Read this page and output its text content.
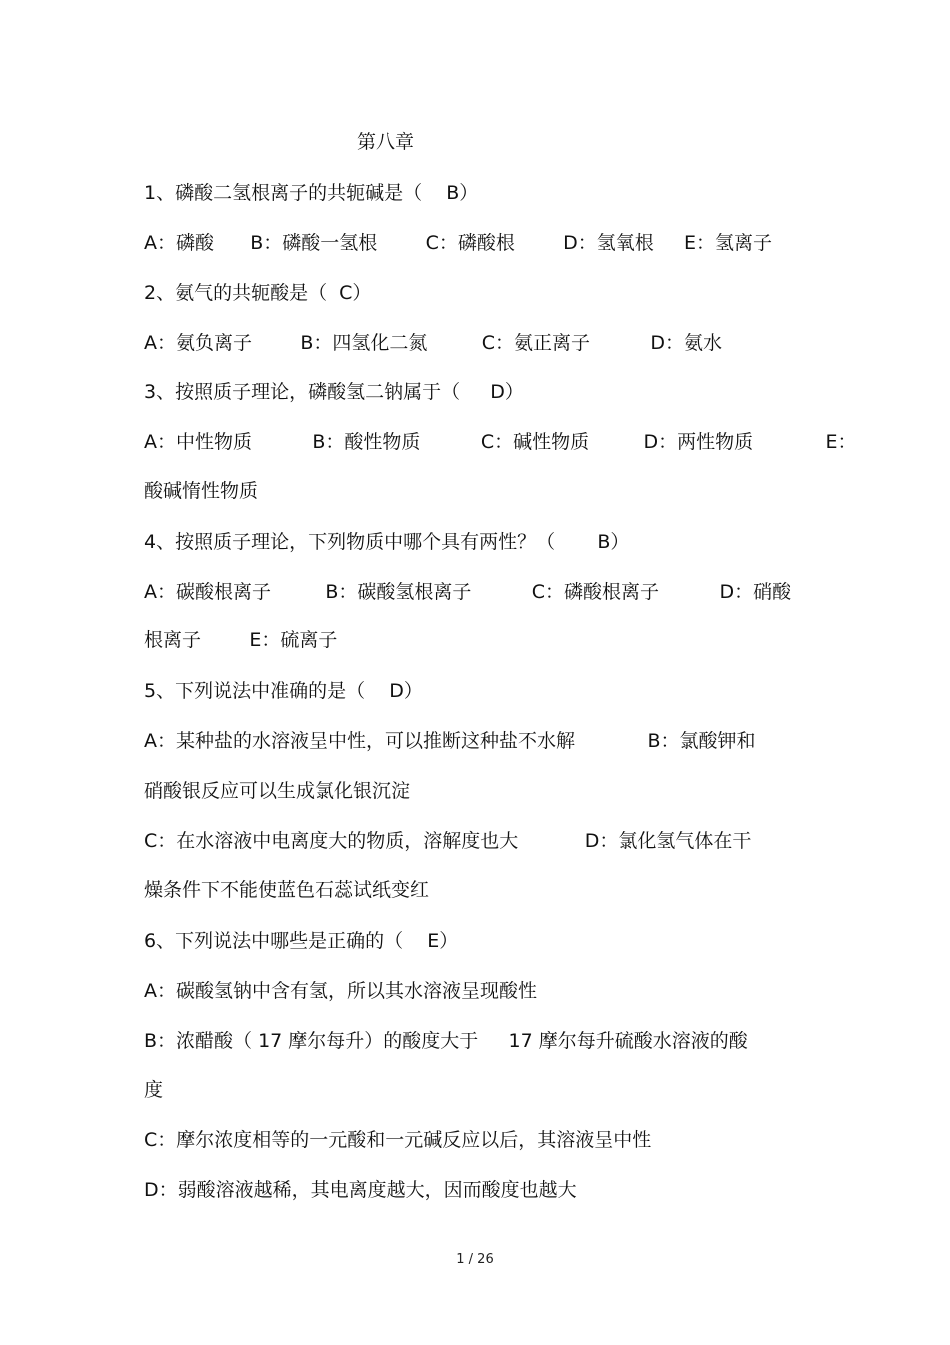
第八章
1、磷酸二氢根离子的共轭碱是（    B）
A：磷酸      B：磷酸一氢根        C：磷酸根        D：氢氧根     E：氢离子
2、氨气的共轭酸是（  C）
A：氨负离子        B：四氢化二氮         C：氨正离子          D：氨水
3、按照质子理论，磷酸氢二钠属于（     D）
A：中性物质          B：酸性物质          C：碱性物质         D：两性物质            E：
酸碱惰性物质
4、按照质子理论，下列物质中哪个具有两性？（       B）
A：碳酸根离子         B：碳酸氢根离子          C：磷酸根离子          D：硝酸
根离子        E：硫离子
5、下列说法中准确的是（    D）
A：某种盐的水溶液呈中性，可以推断这种盐不水解            B：氯酸钾和
硝酸银反应可以生成氯化银沉淀
C：在水溶液中电离度大的物质，溶解度也大           D：氯化氢气体在干
燥条件下不能使蓝色石蕊试纸变红
6、下列说法中哪些是正确的（    E）
A：碳酸氢钠中含有氢，所以其水溶液呈现酸性
B：浓醋酸（ 17 摩尔每升）的酸度大于     17 摩尔每升硫酸水溶液的酸
度
C：摩尔浓度相等的一元酸和一元碱反应以后，其溶液呈中性
D：弱酸溶液越稀，其电离度越大，因而酸度也越大
1 / 26
